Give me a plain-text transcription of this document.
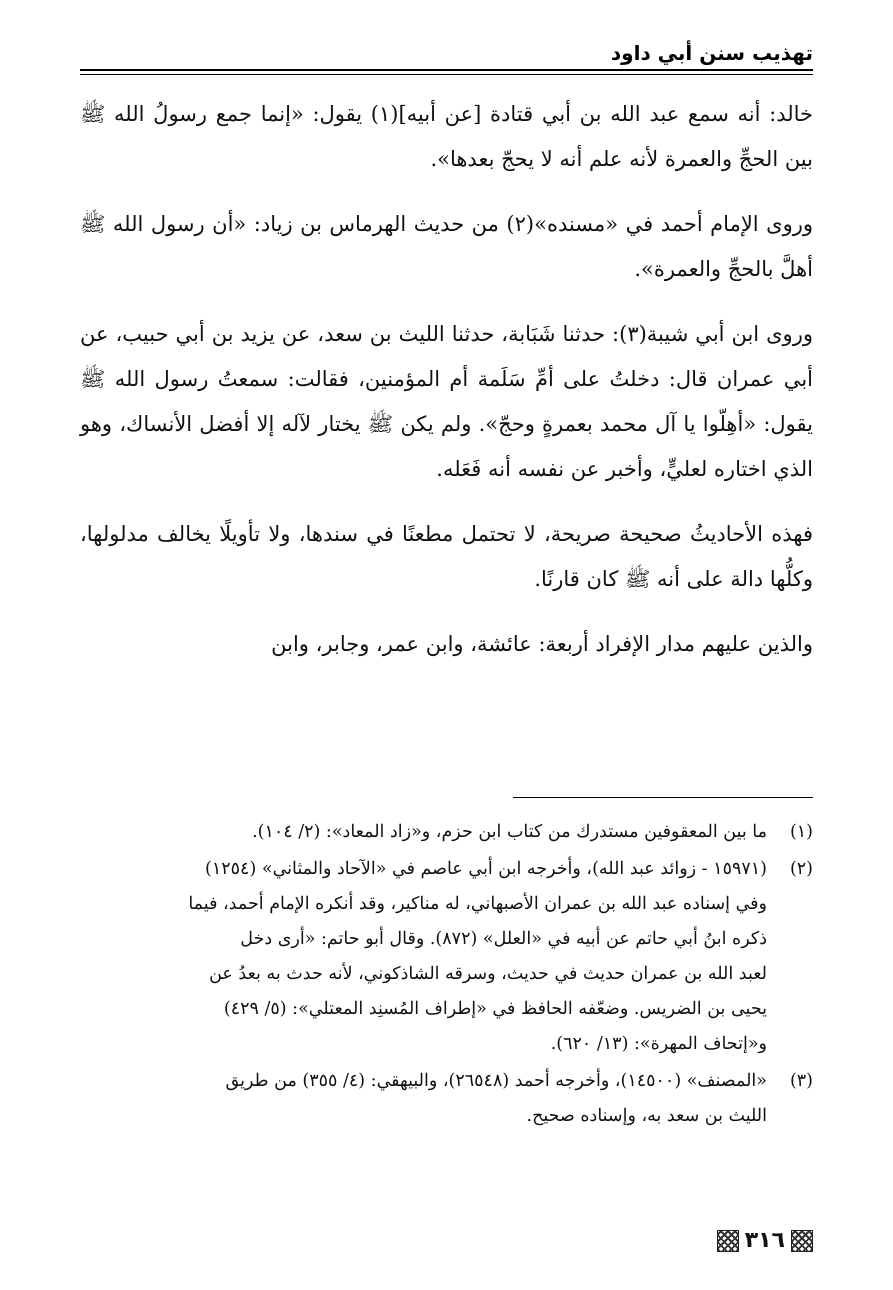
تهذيب سنن أبي داود

خالد: أنه سمع عبد الله بن أبي قتادة [عن أبيه](١) يقول: «إنما جمع رسولُ الله ﷺ بين الحجِّ والعمرة لأنه علم أنه لا يحجّ بعدها».

وروى الإمام أحمد في «مسنده»(٢) من حديث الهرماس بن زياد: «أن رسول الله ﷺ أهلَّ بالحجِّ والعمرة».

وروى ابن أبي شيبة(٣): حدثنا شَبَابة، حدثنا الليث بن سعد، عن يزيد بن أبي حبيب، عن أبي عمران قال: دخلتُ على أمِّ سَلَمة أم المؤمنين، فقالت: سمعتُ رسول الله ﷺ يقول: «أهِلّوا يا آل محمد بعمرةٍ وحجّ». ولم يكن ﷺ يختار لآله إلا أفضل الأنساك، وهو الذي اختاره لعليٍّ، وأخبر عن نفسه أنه فَعَله.

فهذه الأحاديثُ صحيحة صريحة، لا تحتمل مطعنًا في سندها، ولا تأويلًا يخالف مدلولها، وكلُّها دالة على أنه ﷺ كان قارنًا.

والذين عليهم مدار الإفراد أربعة: عائشة، وابن عمر، وجابر، وابن

(١)
ما بين المعقوفين مستدرك من كتاب ابن حزم، و«زاد المعاد»: (٢/ ١٠٤).
(٢)
(١٥٩٧١ - زوائد عبد الله)، وأخرجه ابن أبي عاصم في «الآحاد والمثاني» (١٢٥٤)
وفي إسناده عبد الله بن عمران الأصبهاني، له مناكير، وقد أنكره الإمام أحمد، فيما
ذكره ابنُ أبي حاتم عن أبيه في «العلل» (٨٧٢). وقال أبو حاتم: «أرى دخل
لعبد الله بن عمران حديث في حديث، وسرقه الشاذكوني، لأنه حدث به بعدُ عن
يحيى بن الضريس. وضعّفه الحافظ في «إطراف المُسنِد المعتلي»: (٥/ ٤٢٩)
و«إتحاف المهرة»: (١٣/ ٦٢٠).
(٣)
«المصنف» (١٤٥٠٠)، وأخرجه أحمد (٢٦٥٤٨)، والبيهقي: (٤/ ٣٥٥) من طريق
الليث بن سعد به، وإسناده صحيح.
٣١٦
